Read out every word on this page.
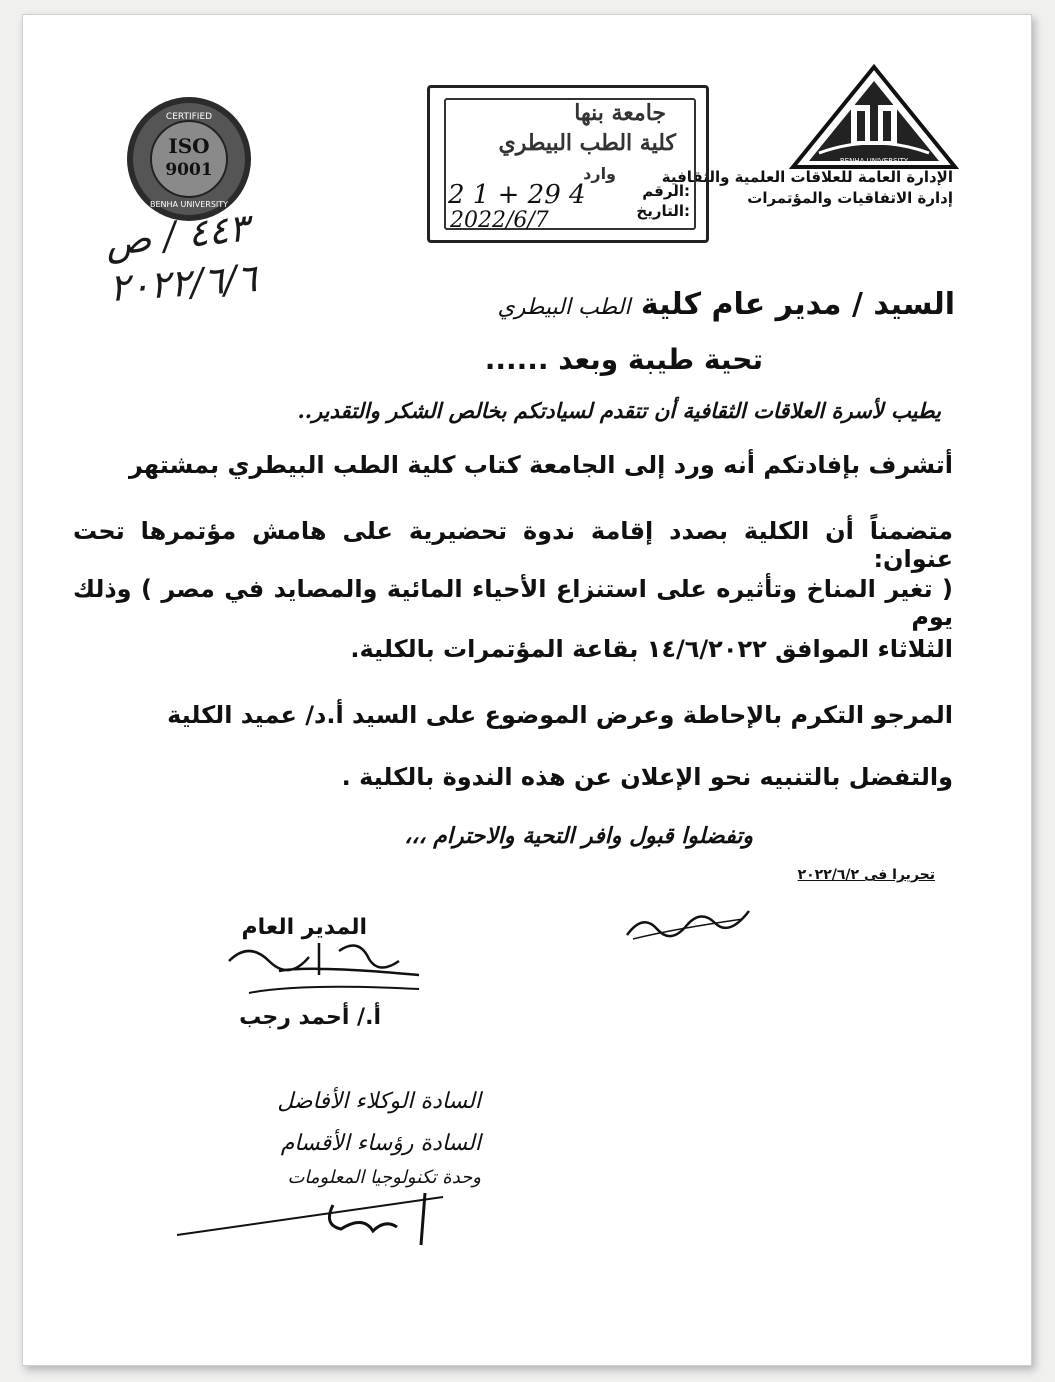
BENHA UNIVERSITY
الإدارة العامة للعلاقات العلمية والثقافية
إدارة الاتفاقيات والمؤتمرات
جامعة بنها
كلية الطب البيطري
وارد
الرقم:
التاريخ:
2 1 + 29 4
2022/6/7
CERTIFIED
ISO
9001
BENHA UNIVERSITY
٤٤٣ / ص
٢٠٢٢/٦/٦	السيد / مدير عام كلية الطب البيطري
تحية طيبة وبعد ......
يطيب لأسرة العلاقات الثقافية أن تتقدم لسيادتكم بخالص الشكر والتقدير..
أتشرف بإفادتكم أنه ورد إلى الجامعة كتاب كلية الطب البيطري بمشتهر
متضمناً أن الكلية بصدد إقامة ندوة تحضيرية على هامش مؤتمرها تحت عنوان:
( تغير المناخ وتأثيره على استنزاع الأحياء المائية والمصايد في مصر ) وذلك يوم
الثلاثاء الموافق ١٤/٦/٢٠٢٢ بقاعة المؤتمرات بالكلية.
المرجو التكرم بالإحاطة وعرض الموضوع على السيد أ.د/ عميد الكلية
والتفضل بالتنبيه نحو الإعلان عن هذه الندوة بالكلية .
وتفضلوا قبول وافر التحية والاحترام ،،،
تحريرا فى ٢٠٢٢/٦/٢
المدير العام
أ./ أحمد رجب
السادة الوكلاء الأفاضل
السادة رؤساء الأقسام
وحدة تكنولوجيا المعلومات
